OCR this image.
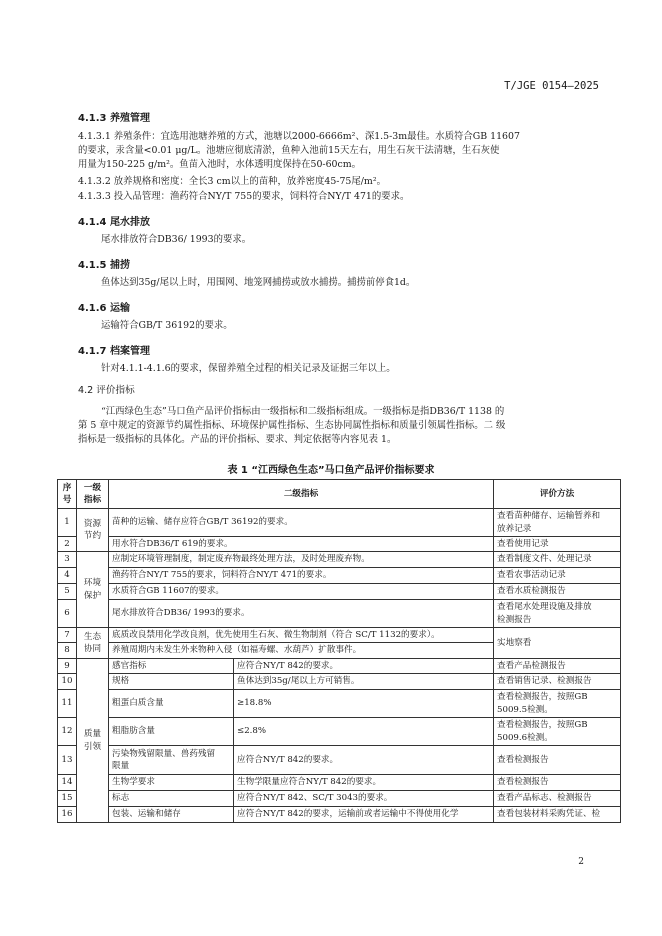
T/JGE 0154—2025
4.1.3 养殖管理
4.1.3.1 养殖条件：宜选用池塘养殖的方式，池塘以2000-6666m²、深1.5-3m最佳。水质符合GB 11607
的要求，汞含量<0.01 μg/L。池塘应彻底清淤，鱼种入池前15天左右，用生石灰干法清塘，生石灰使
用量为150-225 g/m²。鱼苗入池时，水体透明度保持在50-60cm。
4.1.3.2 放养规格和密度：全长3 cm以上的苗种，放养密度45-75尾/m²。
4.1.3.3 投入品管理：渔药符合NY/T 755的要求，饲料符合NY/T 471的要求。
4.1.4 尾水排放
尾水排放符合DB36/ 1993的要求。
4.1.5 捕捞
鱼体达到35g/尾以上时，用围网、地笼网捕捞或放水捕捞。捕捞前停食1d。
4.1.6 运输
运输符合GB/T 36192的要求。
4.1.7 档案管理
针对4.1.1-4.1.6的要求，保留养殖全过程的相关记录及证据三年以上。
4.2 评价指标
“江西绿色生态”马口鱼产品评价指标由一级指标和二级指标组成。一级指标是指DB36/T 1138 的
第 5 章中规定的资源节约属性指标、环境保护属性指标、生态协同属性指标和质量引领属性指标。二 级
指标是一级指标的具体化。产品的评价指标、要求、判定依据等内容见表 1。
表 1 “江西绿色生态”马口鱼产品评价指标要求
序
号	一级
指标	二级指标		评价方法
1	资源
节约	苗种的运输、储存应符合GB/T 36192的要求。		查看苗种储存、运输暂养和
放养记录
2		用水符合DB36/T 619的要求。		查看使用记录
3	环境
保护	应制定环境管理制度，制定废弃物最终处理方法，及时处理废弃物。		查看制度文件、处理记录
4		渔药符合NY/T 755的要求，饲料符合NY/T 471的要求。		查看农事活动记录
5		水质符合GB 11607的要求。		查看水质检测报告
6		尾水排放符合DB36/ 1993的要求。		查看尾水处理设施及排放
检测报告
7	生态
协同	底质改良禁用化学改良剂，优先使用生石灰、微生物制剂（符合 SC/T 1132的要求）。		实地察看
8		养殖周期内未发生外来物种入侵（如福寿螺、水葫芦）扩散事件。		
9	质量
引领	感官指标	应符合NY/T 842的要求。	查看产品检测报告
10		规格	鱼体达到35g/尾以上方可销售。	查看销售记录、检测报告
11		粗蛋白质含量	≥18.8%	查看检测报告，按照GB
5009.5检测。
12		粗脂肪含量	≤2.8%	查看检测报告，按照GB
5009.6检测。
13		污染物残留限量、兽药残留
限量	应符合NY/T 842的要求。	查看检测报告
14		生物学要求	生物学限量应符合NY/T 842的要求。	查看检测报告
15		标志	应符合NY/T 842、SC/T 3043的要求。	查看产品标志、检测报告
16		包装、运输和储存	应符合NY/T 842的要求，运输前或者运输中不得使用化学	查看包装材料采购凭证、检
2
